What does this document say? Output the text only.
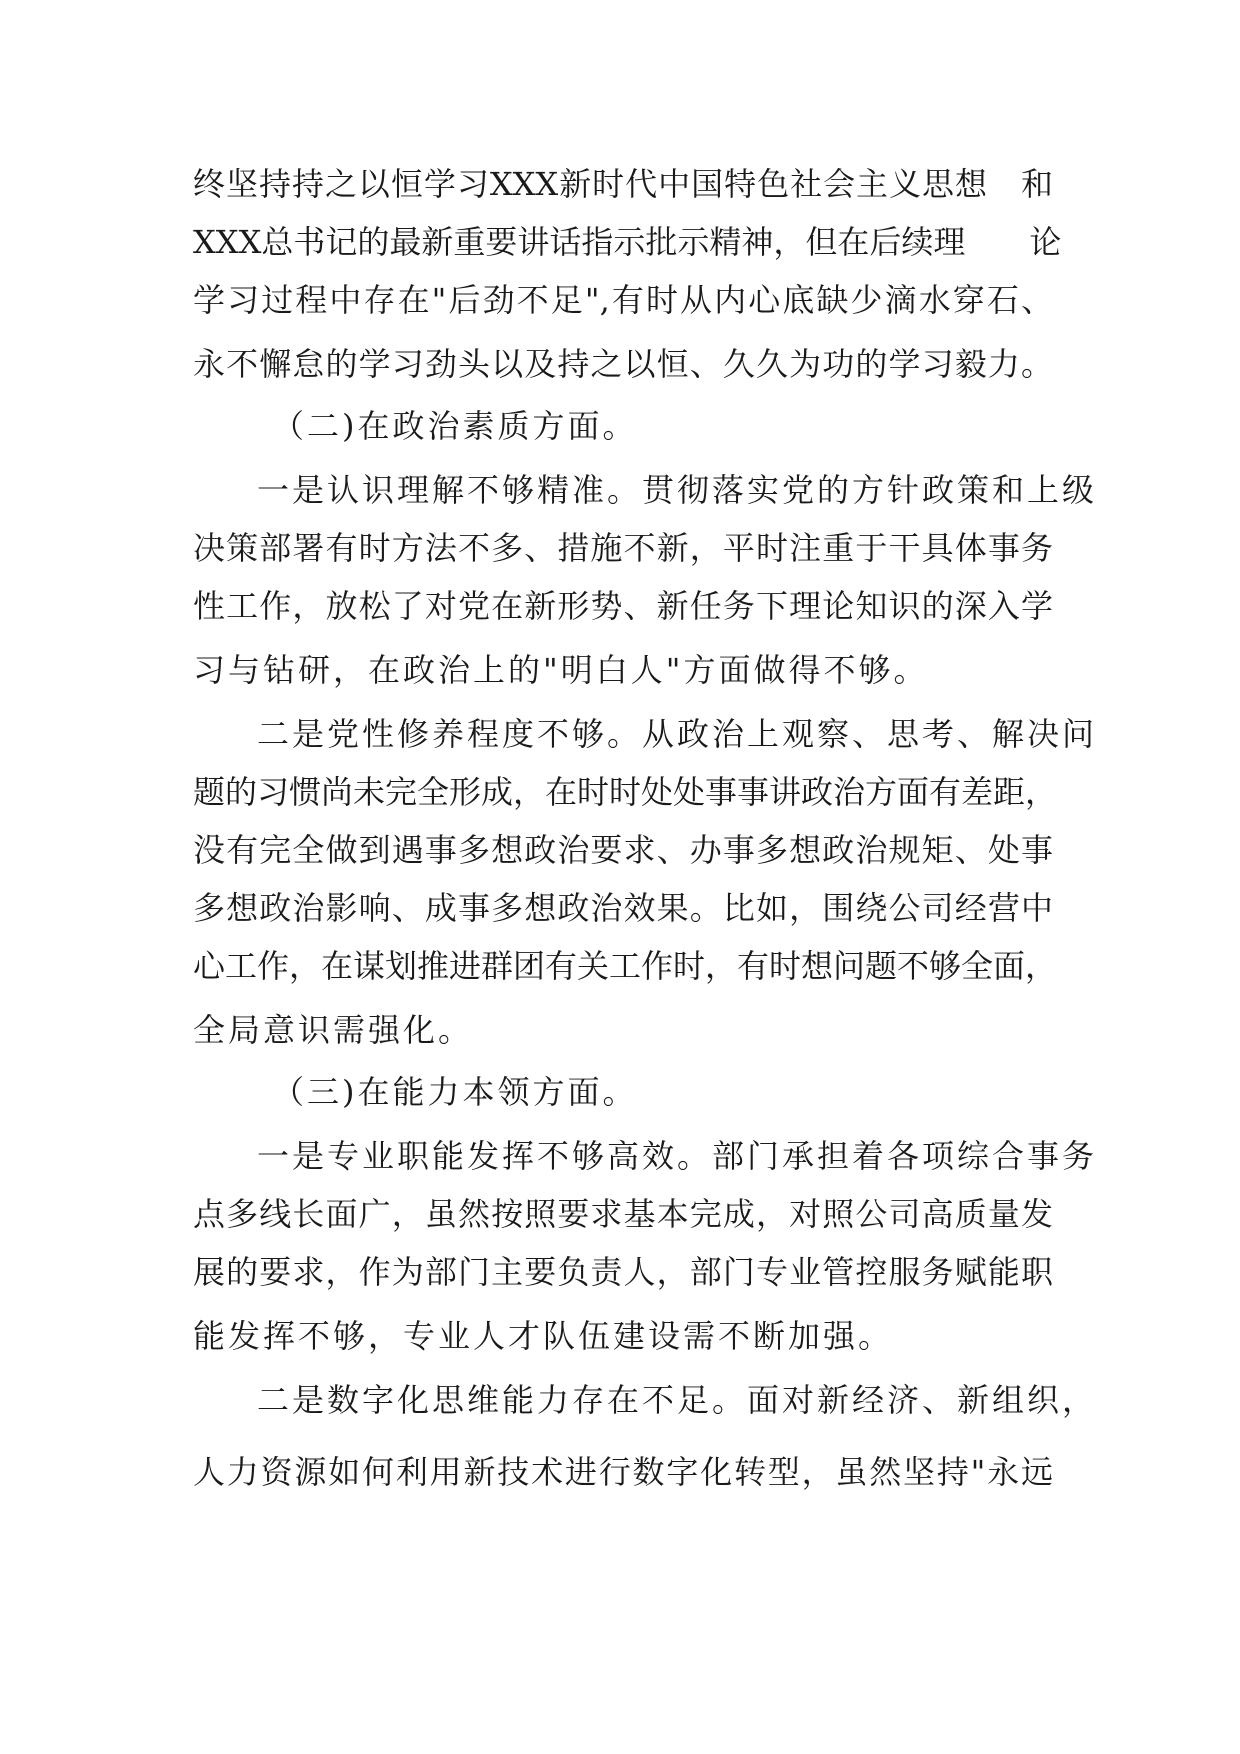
终坚持持之以恒学习XXX新时代中国特色社会主义思想　和

XXX总书记的最新重要讲话指示批示精神，但在后续理　　论

学习过程中存在"后劲不足",有时从内心底缺少滴水穿石、

永不懈怠的学习劲头以及持之以恒、久久为功的学习毅力。

（二)在政治素质方面。

一是认识理解不够精准。贯彻落实党的方针政策和上级

决策部署有时方法不多、措施不新，平时注重于干具体事务

性工作，放松了对党在新形势、新任务下理论知识的深入学

习与钻研，在政治上的"明白人"方面做得不够。

二是党性修养程度不够。从政治上观察、思考、解决问

题的习惯尚未完全形成，在时时处处事事讲政治方面有差距，

没有完全做到遇事多想政治要求、办事多想政治规矩、处事

多想政治影响、成事多想政治效果。比如，围绕公司经营中

心工作，在谋划推进群团有关工作时，有时想问题不够全面，

全局意识需强化。

（三)在能力本领方面。

一是专业职能发挥不够高效。部门承担着各项综合事务

点多线长面广，虽然按照要求基本完成，对照公司高质量发

展的要求，作为部门主要负责人，部门专业管控服务赋能职

能发挥不够，专业人才队伍建设需不断加强。

二是数字化思维能力存在不足。面对新经济、新组织，

人力资源如何利用新技术进行数字化转型，虽然坚持"永远
